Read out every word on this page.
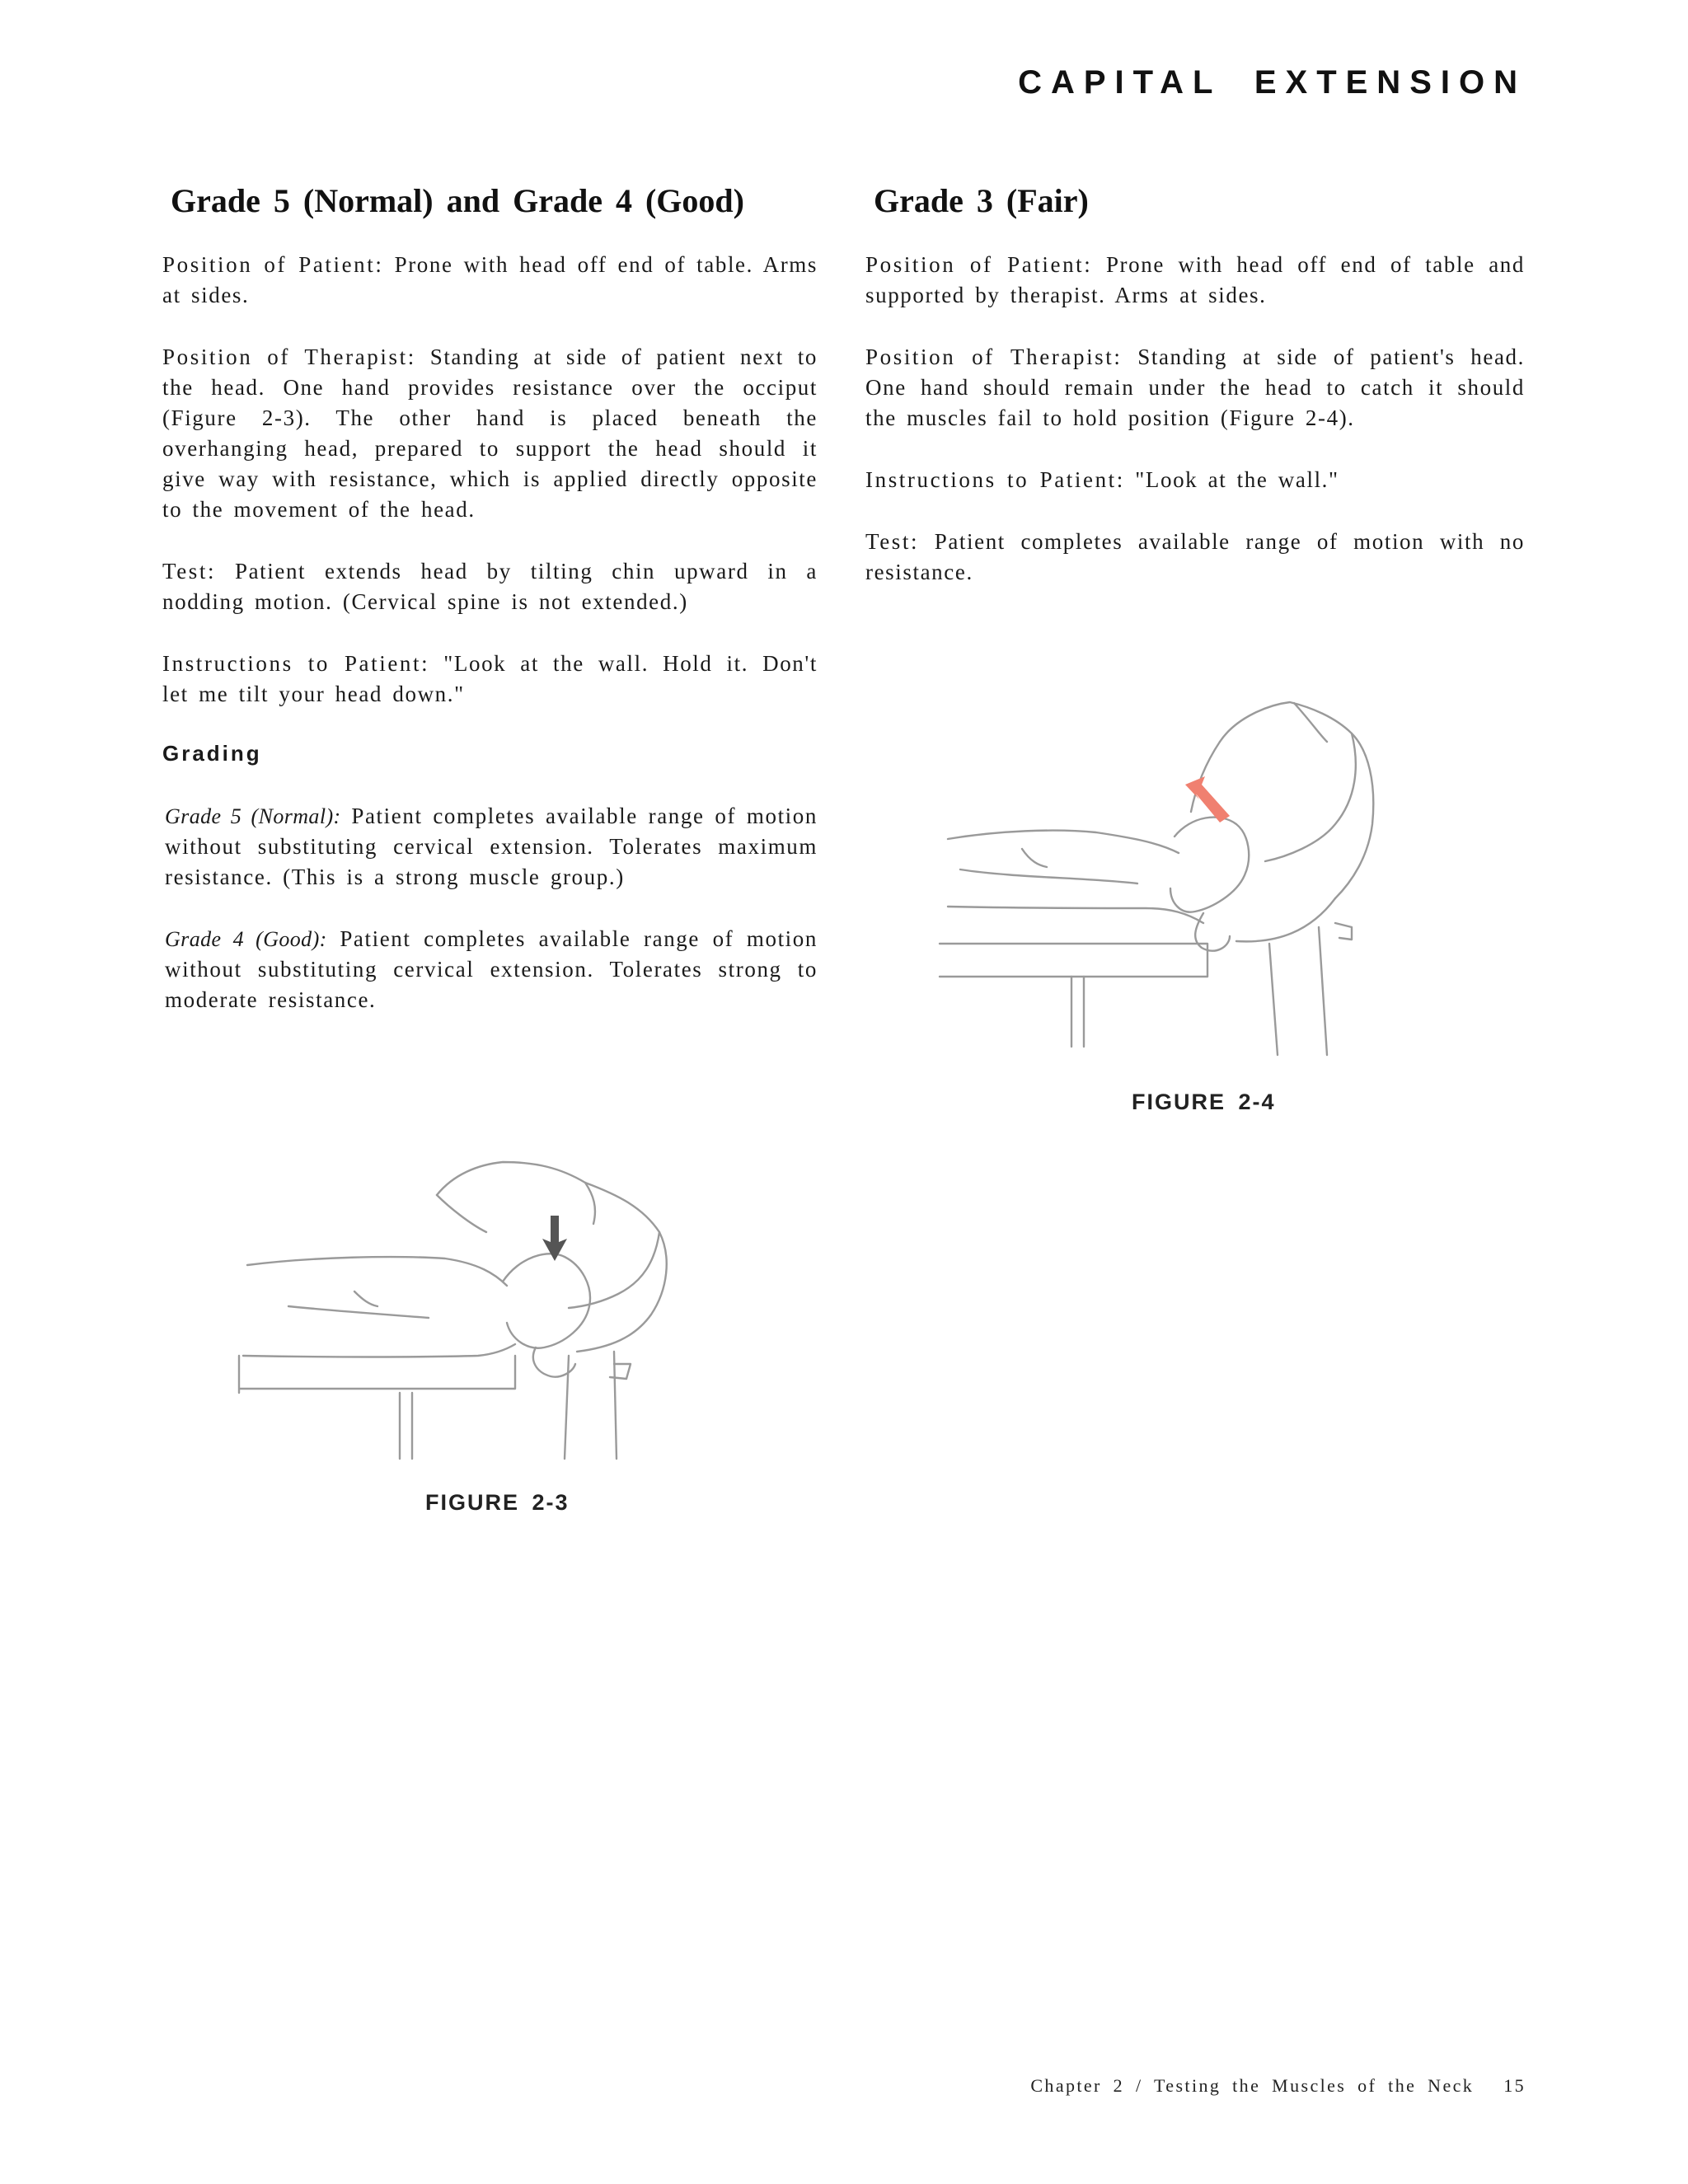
CAPITAL EXTENSION
Grade 5 (Normal) and Grade 4 (Good)

Position of Patient: Prone with head off end of table. Arms at sides.

Position of Therapist: Standing at side of patient next to the head. One hand provides resistance over the occiput (Figure 2-3). The other hand is placed beneath the overhanging head, prepared to support the head should it give way with resistance, which is applied directly opposite to the movement of the head.

Test: Patient extends head by tilting chin upward in a nodding motion. (Cervical spine is not extended.)

Instructions to Patient: "Look at the wall. Hold it. Don't let me tilt your head down."

Grading

Grade 5 (Normal): Patient completes available range of motion without substituting cervical extension. Tolerates maximum resistance. (This is a strong muscle group.)

Grade 4 (Good): Patient completes available range of motion without substituting cervical extension. Tolerates strong to moderate resistance.

Grade 3 (Fair)

Position of Patient: Prone with head off end of table and supported by therapist. Arms at sides.

Position of Therapist: Standing at side of patient's head. One hand should remain under the head to catch it should the muscles fail to hold position (Figure 2-4).

Instructions to Patient: "Look at the wall."

Test: Patient completes available range of motion with no resistance.

FIGURE 2-4
FIGURE 2-3
Chapter 2 / Testing the Muscles of the Neck 15
